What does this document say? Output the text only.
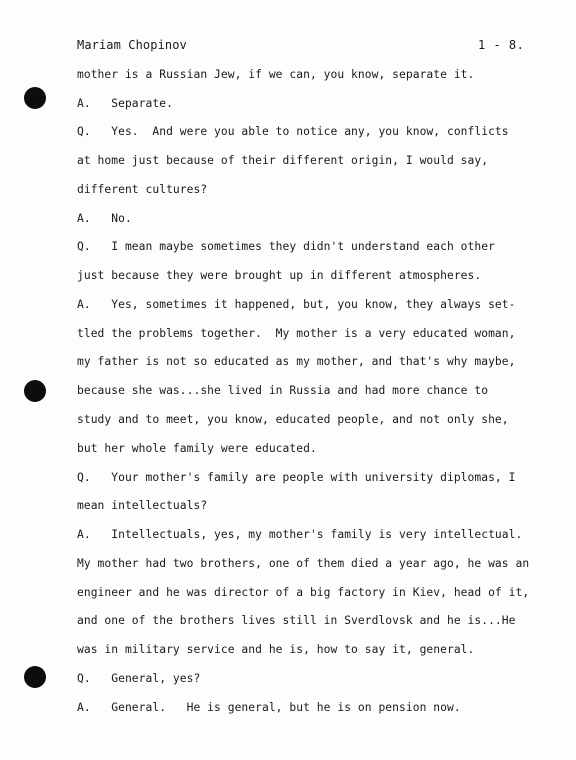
Mariam Chopinov	1 - 8.
mother is a Russian Jew, if we can, you know, separate it.
A.   Separate.
Q.   Yes.  And were you able to notice any, you know, conflicts
at home just because of their different origin, I would say,
different cultures?
A.   No.
Q.   I mean maybe sometimes they didn't understand each other
just because they were brought up in different atmospheres.
A.   Yes, sometimes it happened, but, you know, they always set-
tled the problems together.  My mother is a very educated woman,
my father is not so educated as my mother, and that's why maybe,
because she was...she lived in Russia and had more chance to
study and to meet, you know, educated people, and not only she,
but her whole family were educated.
Q.   Your mother's family are people with university diplomas, I
mean intellectuals?
A.   Intellectuals, yes, my mother's family is very intellectual.
My mother had two brothers, one of them died a year ago, he was an
engineer and he was director of a big factory in Kiev, head of it,
and one of the brothers lives still in Sverdlovsk and he is...He
was in military service and he is, how to say it, general.
Q.   General, yes?
A.   General.   He is general, but he is on pension now.
